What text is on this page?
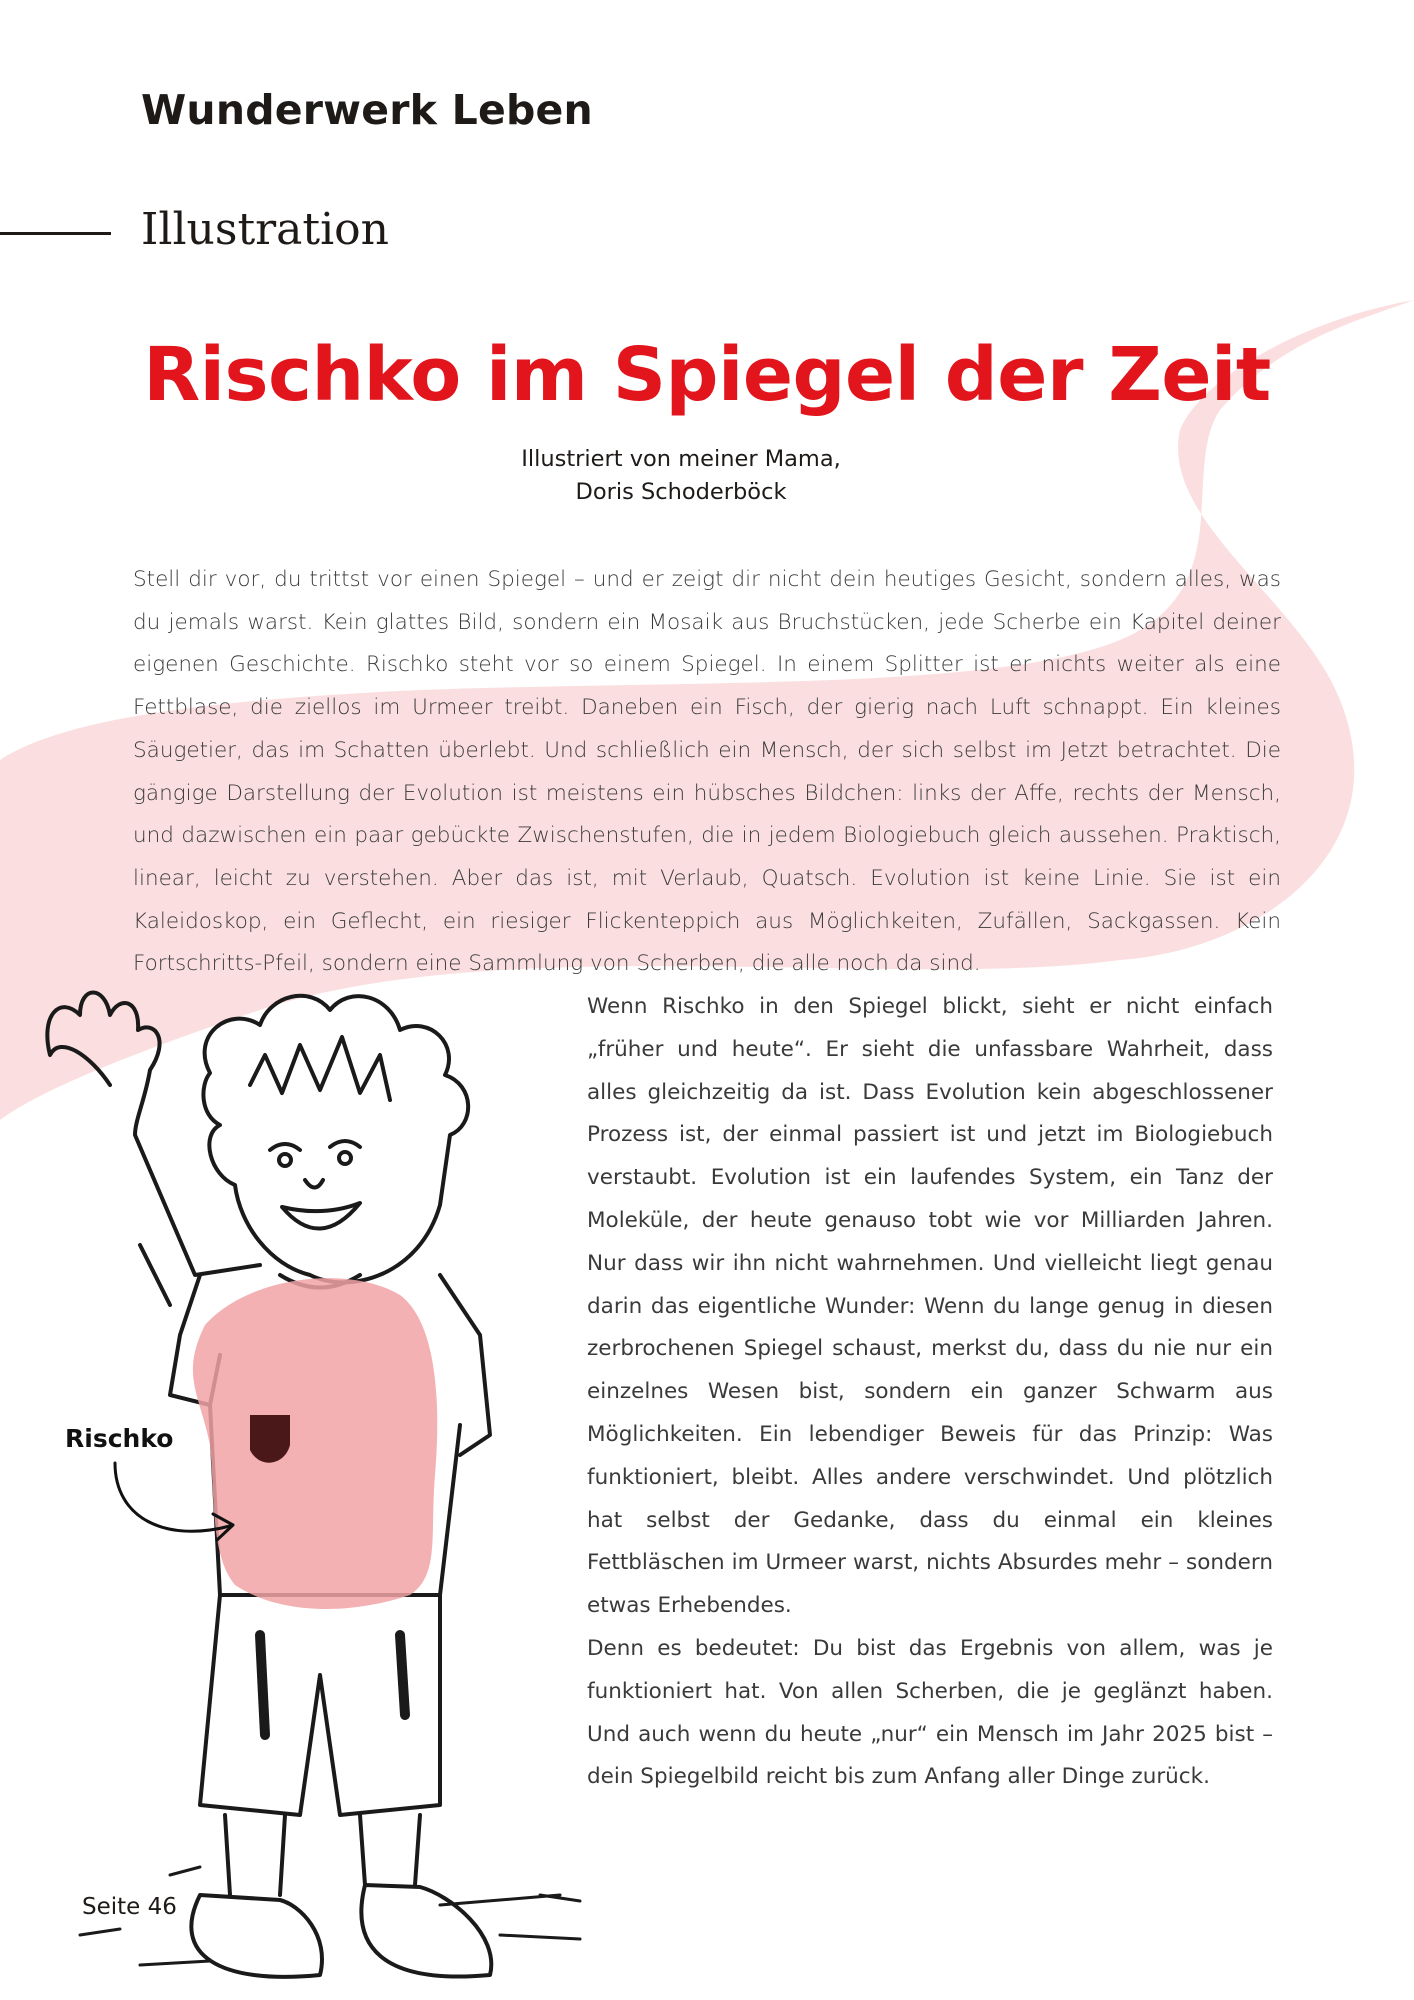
Wunderwerk Leben
Illustration
Rischko im Spiegel der Zeit
Illustriert von meiner Mama,
Doris Schoderböck

Stell dir vor, du trittst vor einen Spiegel – und er zeigt dir nicht dein heutiges Gesicht, sondern alles, was du jemals warst. Kein glattes Bild, sondern ein Mosaik aus Bruchstücken, jede Scherbe ein Kapitel deiner eigenen Geschichte. Rischko steht vor so einem Spiegel. In einem Splitter ist er nichts weiter als eine Fettblase, die ziellos im Urmeer treibt. Daneben ein Fisch, der gierig nach Luft schnappt. Ein kleines Säugetier, das im Schatten überlebt. Und schließlich ein Mensch, der sich selbst im Jetzt betrachtet. Die gängige Darstellung der Evolution ist meistens ein hübsches Bildchen: links der Affe, rechts der Mensch, und dazwischen ein paar gebückte Zwischenstufen, die in jedem Biologiebuch gleich aussehen. Praktisch, linear, leicht zu verstehen. Aber das ist, mit Verlaub, Quatsch. Evolution ist keine Linie. Sie ist ein Kaleidoskop, ein Geflecht, ein riesiger Flickenteppich aus Möglichkeiten, Zufällen, Sackgassen. Kein Fortschritts-Pfeil, sondern eine Sammlung von Scherben, die alle noch da sind.

Wenn Rischko in den Spiegel blickt, sieht er nicht einfach „früher und heute“. Er sieht die unfassbare Wahrheit, dass alles gleichzeitig da ist. Dass Evolution kein abgeschlossener Prozess ist, der einmal passiert ist und jetzt im Biologiebuch verstaubt. Evolution ist ein laufendes System, ein Tanz der Moleküle, der heute genauso tobt wie vor Milliarden Jahren. Nur dass wir ihn nicht wahrnehmen. Und vielleicht liegt genau darin das eigentliche Wunder: Wenn du lange genug in diesen zerbrochenen Spiegel schaust, merkst du, dass du nie nur ein einzelnes Wesen bist, sondern ein ganzer Schwarm aus Möglichkeiten. Ein lebendiger Beweis für das Prinzip: Was funktioniert, bleibt. Alles andere verschwindet. Und plötzlich hat selbst der Gedanke, dass du einmal ein kleines Fettbläschen im Urmeer warst, nichts Absurdes mehr – sondern etwas Erhebendes.

Denn es bedeutet: Du bist das Ergebnis von allem, was je funktioniert hat. Von allen Scherben, die je geglänzt haben. Und auch wenn du heute „nur“ ein Mensch im Jahr 2025 bist – dein Spiegelbild reicht bis zum Anfang aller Dinge zurück.

Rischko
Seite 46
